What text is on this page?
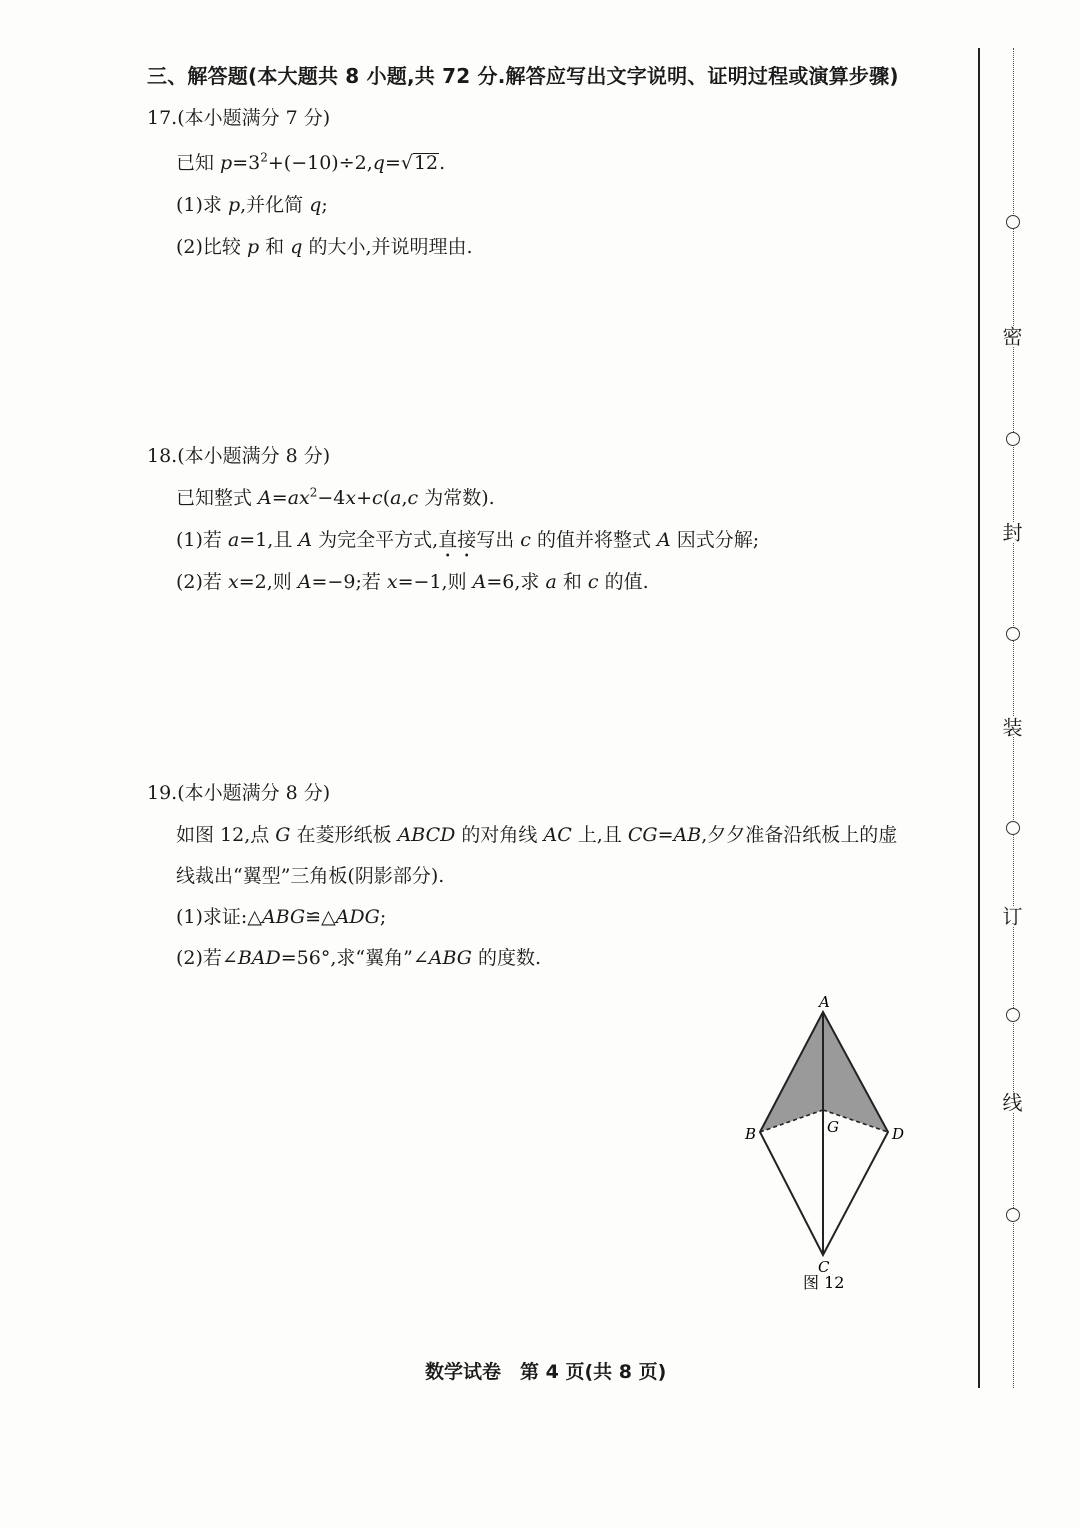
三、解答题(本大题共 8 小题,共 72 分.解答应写出文字说明、证明过程或演算步骤)
17.(本小题满分 7 分)
已知 $p=3^2+(-10)\div 2,q=√12$.
(1)求 p,并化简 q;
(2)比较 p 和 q 的大小,并说明理由.
18.(本小题满分 8 分)
已知整式 $A=ax^2-4x+c(a,c$ 为常数).
(1)若 a=1,且 A 为完全平方式,直接写出 c 的值并将整式 A 因式分解;
(2)若 x=2,则 A=−9;若 x=−1,则 A=6,求 a 和 c 的值.
19.(本小题满分 8 分)
如图 12,点 G 在菱形纸板 ABCD 的对角线 AC 上,且 CG=AB,夕夕准备沿纸板上的虚
线裁出“翼型”三角板(阴影部分).
(1)求证:△ABG≌△ADG;
(2)若∠BAD=56°,求“翼角”∠ABG 的度数.
A
B	G	D
C
图 12
数学试卷　第 4 页(共 8 页)
密
封
装
订
线
